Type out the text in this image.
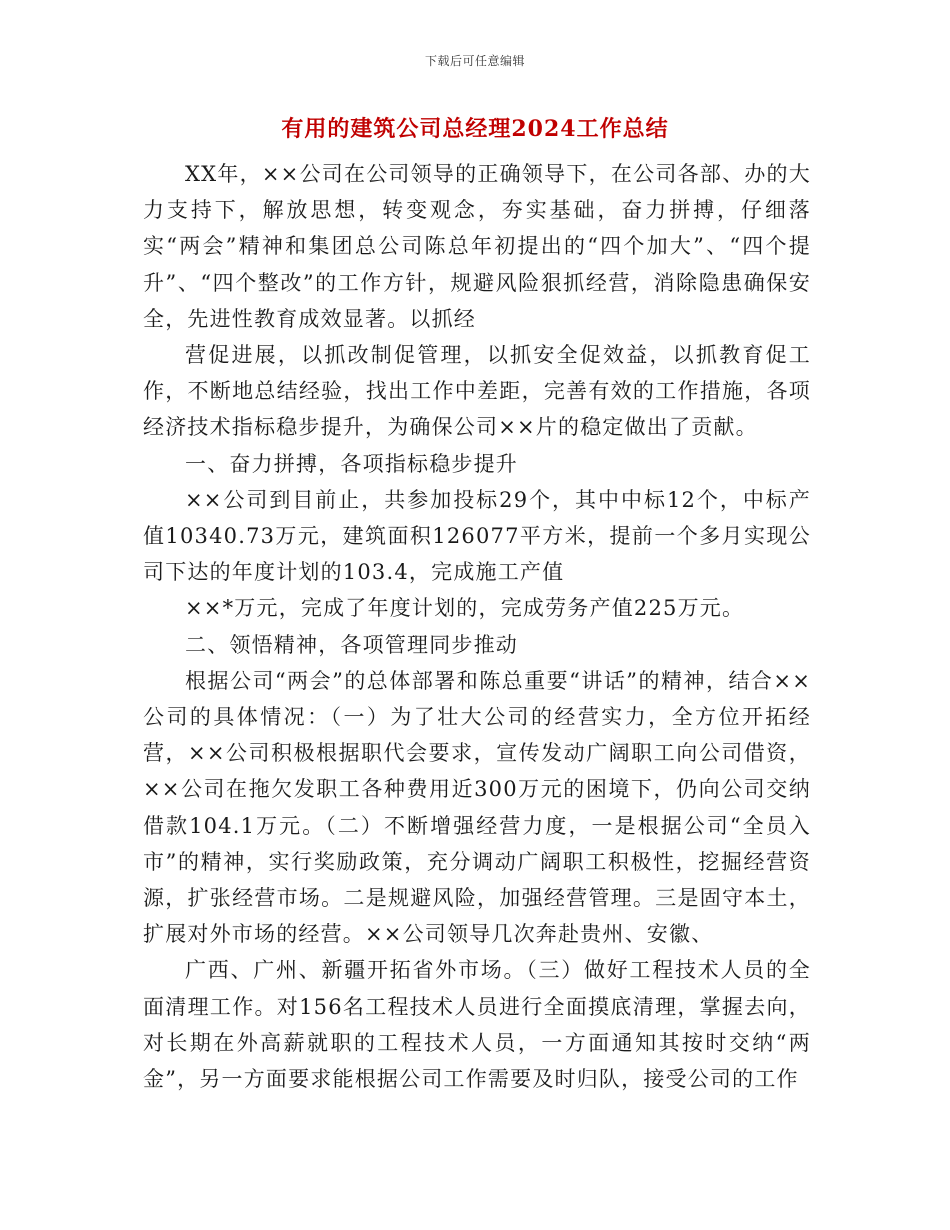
下载后可任意编辑
有用的建筑公司总经理2024工作总结

XX年，××公司在公司领导的正确领导下，在公司各部、办的大力支持下，解放思想，转变观念，夯实基础，奋力拼搏，仔细落实“两会”精神和集团总公司陈总年初提出的“四个加大”、“四个提升”、“四个整改”的工作方针，规避风险狠抓经营，消除隐患确保安全，先进性教育成效显著。以抓经

营促进展，以抓改制促管理，以抓安全促效益，以抓教育促工作，不断地总结经验，找出工作中差距，完善有效的工作措施，各项经济技术指标稳步提升，为确保公司××片的稳定做出了贡献。

一、奋力拼搏，各项指标稳步提升

××公司到目前止，共参加投标29个，其中中标12个，中标产值10340.73万元，建筑面积126077平方米，提前一个多月实现公司下达的年度计划的103.4，完成施工产值

××*万元，完成了年度计划的，完成劳务产值225万元。

二、领悟精神，各项管理同步推动

根据公司“两会”的总体部署和陈总重要“讲话”的精神，结合××公司的具体情况：（一）为了壮大公司的经营实力，全方位开拓经营，××公司积极根据职代会要求，宣传发动广阔职工向公司借资，××公司在拖欠发职工各种费用近300万元的困境下，仍向公司交纳借款104.1万元。（二）不断增强经营力度，一是根据公司“全员入市”的精神，实行奖励政策，充分调动广阔职工积极性，挖掘经营资源，扩张经营市场。二是规避风险，加强经营管理。三是固守本土，扩展对外市场的经营。××公司领导几次奔赴贵州、安徽、

广西、广州、新疆开拓省外市场。（三）做好工程技术人员的全面清理工作。对156名工程技术人员进行全面摸底清理，掌握去向，对长期在外高薪就职的工程技术人员，一方面通知其按时交纳“两金”，另一方面要求能根据公司工作需要及时归队，接受公司的工作
